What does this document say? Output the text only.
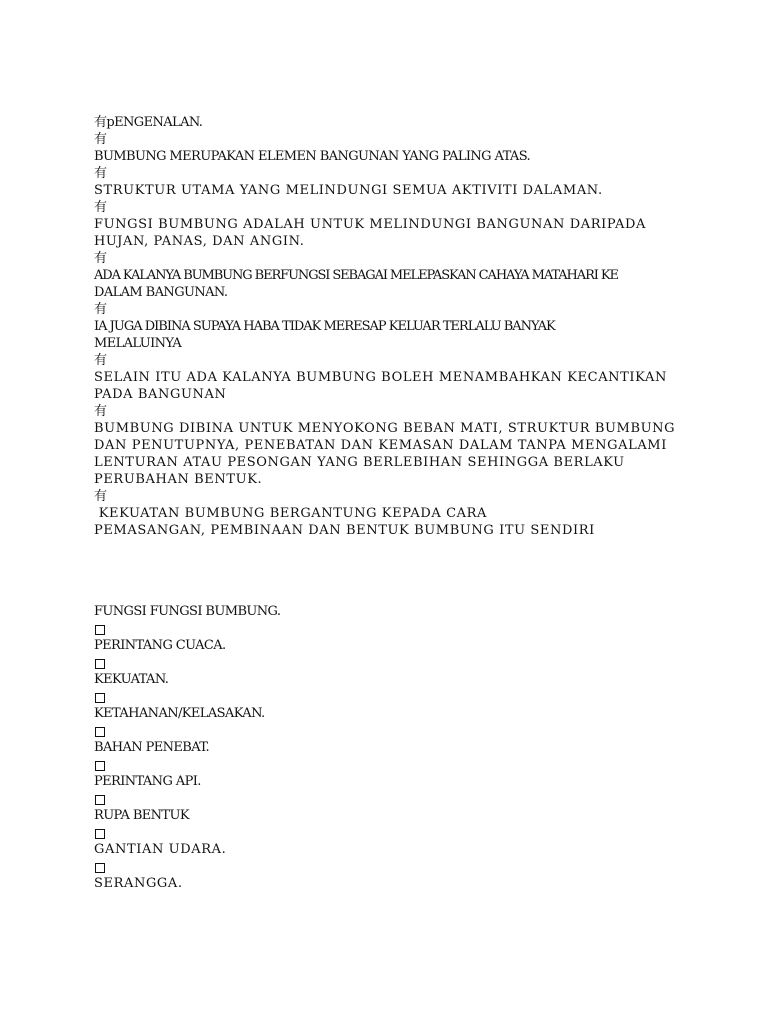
有pENGENALAN.
有
BUMBUNG MERUPAKAN ELEMEN BANGUNAN YANG PALING ATAS.
有
STRUKTUR UTAMA YANG MELINDUNGI SEMUA AKTIVITI DALAMAN.
有
FUNGSI BUMBUNG ADALAH UNTUK MELINDUNGI BANGUNAN DARIPADA
HUJAN, PANAS, DAN ANGIN.
有
ADA KALANYA BUMBUNG BERFUNGSI SEBAGAI MELEPASKAN CAHAYA MATAHARI KE
DALAM BANGUNAN.
有
IA JUGA DIBINA SUPAYA HABA TIDAK MERESAP KELUAR TERLALU BANYAK
MELALUINYA
有
SELAIN ITU ADA KALANYA BUMBUNG BOLEH MENAMBAHKAN KECANTIKAN
PADA BANGUNAN
有
BUMBUNG DIBINA UNTUK MENYOKONG BEBAN MATI, STRUKTUR BUMBUNG
DAN PENUTUPNYA, PENEBATAN DAN KEMASAN DALAM TANPA MENGALAMI
LENTURAN ATAU PESONGAN YANG BERLEBIHAN SEHINGGA BERLAKU
PERUBAHAN BENTUK.
有
KEKUATAN BUMBUNG BERGANTUNG KEPADA CARA
PEMASANGAN, PEMBINAAN DAN BENTUK BUMBUNG ITU SENDIRI
FUNGSI FUNGSI BUMBUNG.
PERINTANG CUACA.
KEKUATAN.
KETAHANAN/KELASAKAN.
BAHAN PENEBAT.
PERINTANG API.
RUPA BENTUK
GANTIAN UDARA.
SERANGGA.
